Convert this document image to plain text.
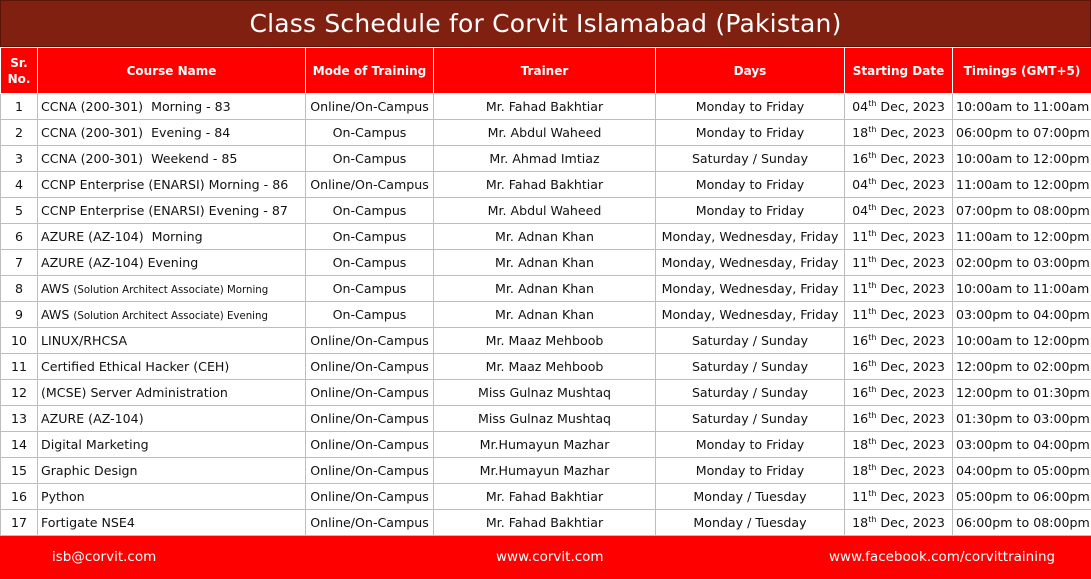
Class Schedule for Corvit Islamabad (Pakistan)
Sr.
No.	Course Name	Mode of Training	Trainer	Days	Starting Date	Timings (GMT+5)
1	CCNA (200-301)  Morning - 83	Online/On-Campus	Mr. Fahad Bakhtiar	Monday to Friday	04th Dec, 2023	10:00am to 11:00am
2	CCNA (200-301)  Evening - 84	On-Campus	Mr. Abdul Waheed	Monday to Friday	18th Dec, 2023	06:00pm to 07:00pm
3	CCNA (200-301)  Weekend - 85	On-Campus	Mr. Ahmad Imtiaz	Saturday / Sunday	16th Dec, 2023	10:00am to 12:00pm
4	CCNP Enterprise (ENARSI) Morning - 86	Online/On-Campus	Mr. Fahad Bakhtiar	Monday to Friday	04th Dec, 2023	11:00am to 12:00pm
5	CCNP Enterprise (ENARSI) Evening - 87	On-Campus	Mr. Abdul Waheed	Monday to Friday	04th Dec, 2023	07:00pm to 08:00pm
6	AZURE (AZ-104)  Morning	On-Campus	Mr. Adnan Khan	Monday, Wednesday, Friday	11th Dec, 2023	11:00am to 12:00pm
7	AZURE (AZ-104) Evening	On-Campus	Mr. Adnan Khan	Monday, Wednesday, Friday	11th Dec, 2023	02:00pm to 03:00pm
8	AWS (Solution Architect Associate) Morning	On-Campus	Mr. Adnan Khan	Monday, Wednesday, Friday	11th Dec, 2023	10:00am to 11:00am
9	AWS (Solution Architect Associate) Evening	On-Campus	Mr. Adnan Khan	Monday, Wednesday, Friday	11th Dec, 2023	03:00pm to 04:00pm
10	LINUX/RHCSA	Online/On-Campus	Mr. Maaz Mehboob	Saturday / Sunday	16th Dec, 2023	10:00am to 12:00pm
11	Certified Ethical Hacker (CEH)	Online/On-Campus	Mr. Maaz Mehboob	Saturday / Sunday	16th Dec, 2023	12:00pm to 02:00pm
12	(MCSE) Server Administration	Online/On-Campus	Miss Gulnaz Mushtaq	Saturday / Sunday	16th Dec, 2023	12:00pm to 01:30pm
13	AZURE (AZ-104)	Online/On-Campus	Miss Gulnaz Mushtaq	Saturday / Sunday	16th Dec, 2023	01:30pm to 03:00pm
14	Digital Marketing	Online/On-Campus	Mr.Humayun Mazhar	Monday to Friday	18th Dec, 2023	03:00pm to 04:00pm
15	Graphic Design	Online/On-Campus	Mr.Humayun Mazhar	Monday to Friday	18th Dec, 2023	04:00pm to 05:00pm
16	Python	Online/On-Campus	Mr. Fahad Bakhtiar	Monday / Tuesday	11th Dec, 2023	05:00pm to 06:00pm
17	Fortigate NSE4	Online/On-Campus	Mr. Fahad Bakhtiar	Monday / Tuesday	18th Dec, 2023	06:00pm to 08:00pm
isb@corvit.com	www.corvit.com	www.facebook.com/corvittraining
